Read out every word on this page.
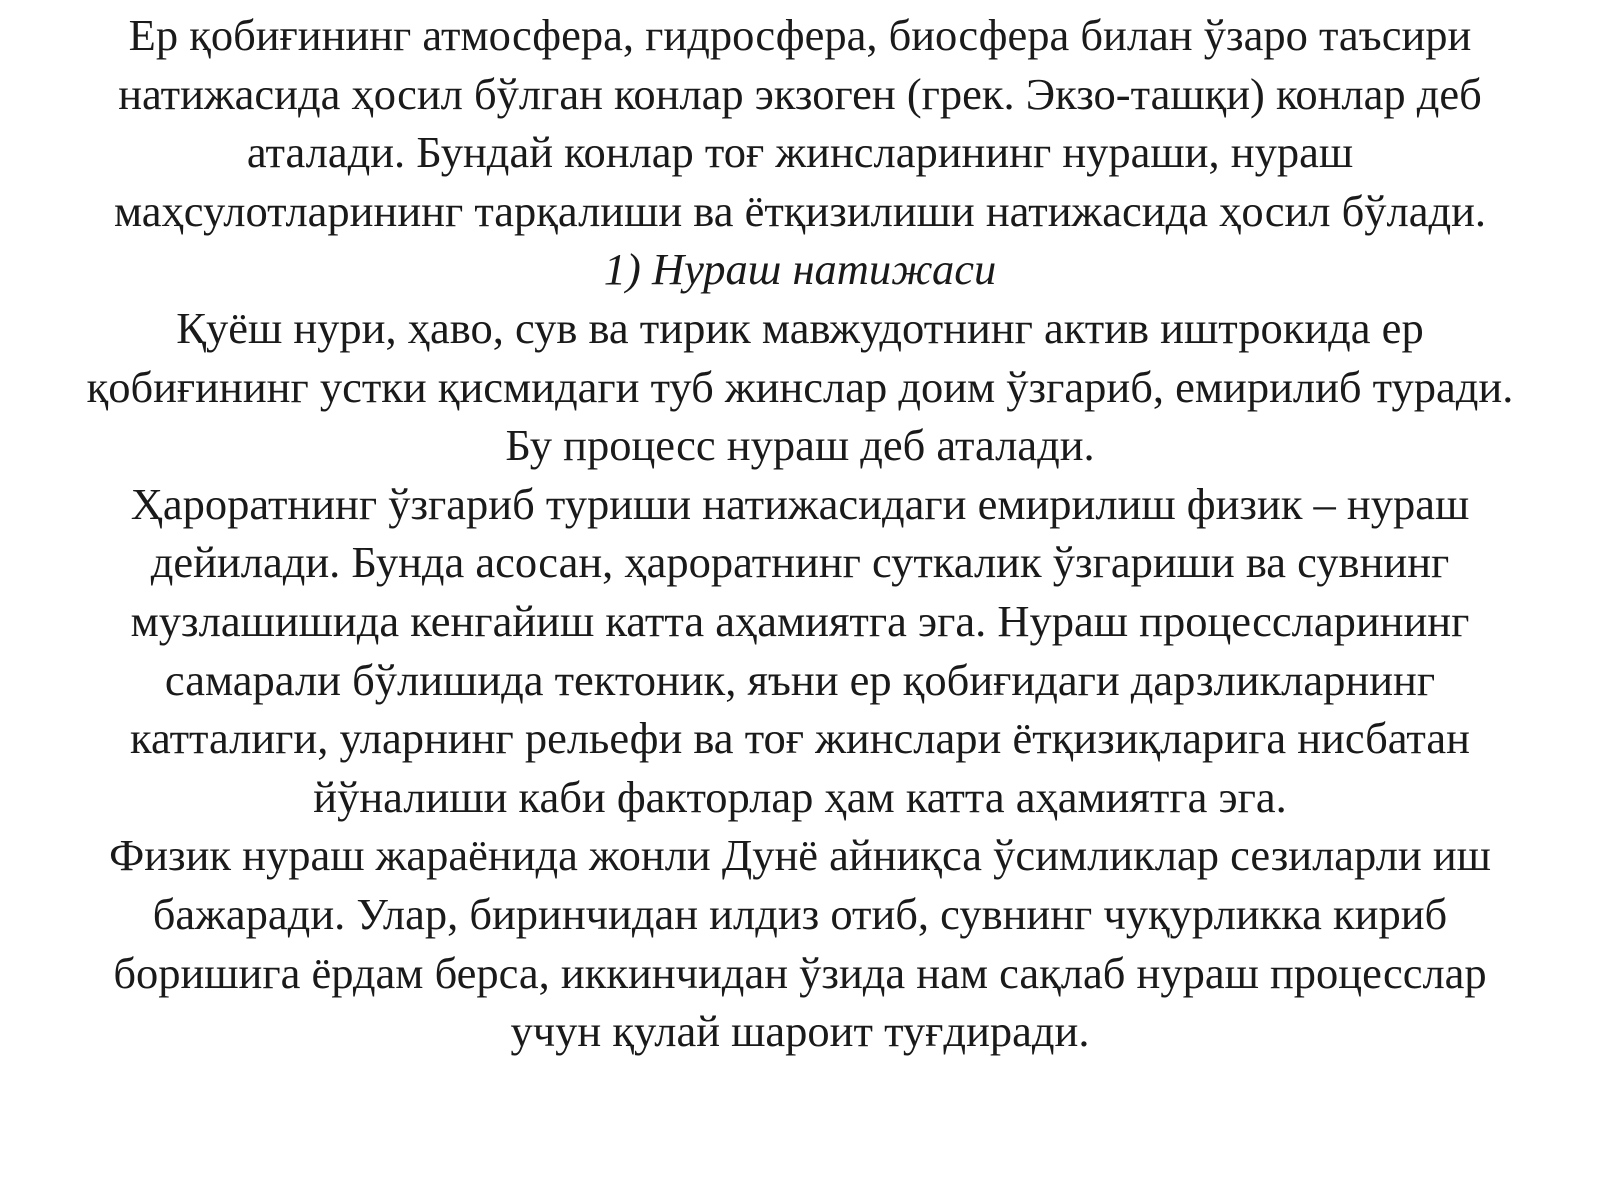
Ер қобиғининг атмосфера, гидросфера, биосфера билан ўзаро таъсири
натижасида ҳосил бўлган конлар экзоген (грек. Экзо-ташқи) конлар деб
аталади. Бундай конлар тоғ жинсларининг нураши, нураш
маҳсулотларининг тарқалиши ва ётқизилиши натижасида ҳосил бўлади.
1) Нураш натижаси
Қуёш нури, ҳаво, сув ва тирик мавжудотнинг актив иштрокида ер
қобиғининг устки қисмидаги туб жинслар доим ўзгариб, емирилиб туради.
Бу процесс нураш деб аталади.
Ҳароратнинг ўзгариб туриши натижасидаги емирилиш физик – нураш
дейилади. Бунда асосан, ҳароратнинг суткалик ўзгариши ва сувнинг
музлашишида кенгайиш катта аҳамиятга эга. Нураш процессларининг
самарали бўлишида тектоник, яъни ер қобиғидаги дарзликларнинг
катталиги, уларнинг рельефи ва тоғ жинслари ётқизиқларига нисбатан
йўналиши каби факторлар ҳам катта аҳамиятга эга.
Физик нураш жараёнида жонли Дунё айниқса ўсимликлар сезиларли иш
бажаради. Улар, биринчидан илдиз отиб, сувнинг чуқурликка кириб
боришига ёрдам берса, иккинчидан ўзида нам сақлаб нураш процесслар
учун қулай шароит туғдиради.
